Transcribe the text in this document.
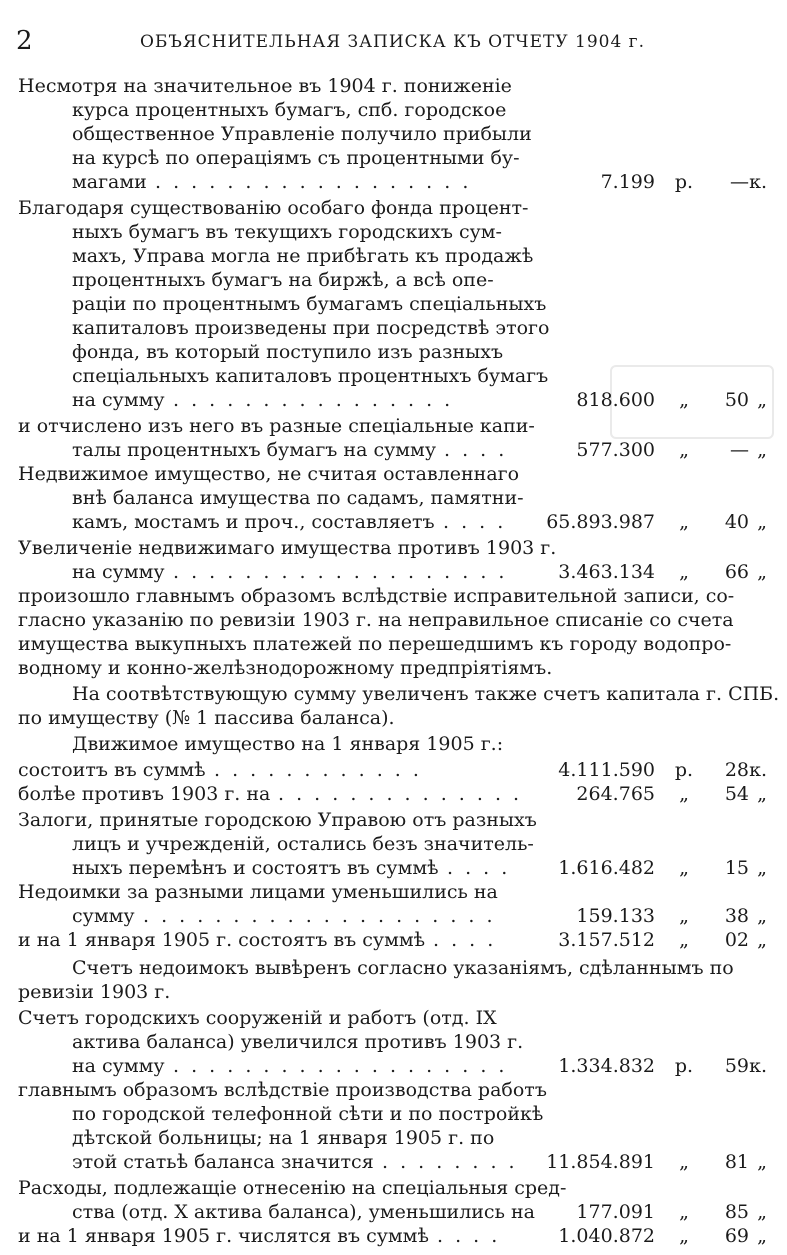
2	ОБЪЯСНИТЕЛЬНАЯ ЗАПИСКА КЪ ОТЧЕТУ 1904 г.
Несмотря на значительное въ 1904 г. пониженіе
курса процентныхъ бумагъ, спб. городское
общественное Управленіе получило прибыли
на курсѣ по операціямъ съ процентными бу-
магами . . . . . . . . . . . . . . . . . .	7.199	р.	— к.
Благодаря существованію особаго фонда процент-
ныхъ бумагъ въ текущихъ городскихъ сум-
махъ, Управа могла не прибѣгать къ продажѣ
процентныхъ бумагъ на биржѣ, а всѣ опе-
раціи по процентнымъ бумагамъ спеціальныхъ
капиталовъ произведены при посредствѣ этого
фонда, въ который поступило изъ разныхъ
спеціальныхъ капиталовъ процентныхъ бумагъ
на сумму . . . . . . . . . . . . . . . .	818.600	„	50 „
и отчислено изъ него въ разные спеціальные капи-
талы процентныхъ бумагъ на сумму . . . .	577.300	„	— „
Недвижимое имущество, не считая оставленнаго
внѣ баланса имущества по садамъ, памятни-
камъ, мостамъ и проч., составляетъ . . . .	65.893.987	„	40 „
Увеличеніе недвижимаго имущества противъ 1903 г.
на сумму . . . . . . . . . . . . . . . . . . .	3.463.134	„	66 „
произошло главнымъ образомъ вслѣдствіе исправительной записи, со-
гласно указанію по ревизіи 1903 г. на неправильное списаніе со счета
имущества выкупныхъ платежей по перешедшимъ къ городу водопро-
водному и конно-желѣзнодорожному предпріятіямъ.
На соотвѣтствующую сумму увеличенъ также счетъ капитала г. СПБ.
по имуществу (№ 1 пассива баланса).
Движимое имущество на 1 января 1905 г.:
состоитъ въ суммѣ . . . . . . . . . . . .	4.111.590	р.	28 к.
болѣе противъ 1903 г. на . . . . . . . . . . . . . .	264.765	„	54 „
Залоги, принятые городскою Управою отъ разныхъ
лицъ и учрежденій, остались безъ значитель-
ныхъ перемѣнъ и состоятъ въ суммѣ . . . .	1.616.482	„	15 „
Недоимки за разными лицами уменьшились на
сумму . . . . . . . . . . . . . . . . . . . .	159.133	„	38 „
и на 1 января 1905 г. состоятъ въ суммѣ . . . .	3.157.512	„	02 „
Счетъ недоимокъ вывѣренъ согласно указаніямъ, сдѣланнымъ по
ревизіи 1903 г.
Счетъ городскихъ сооруженій и работъ (отд. IX
актива баланса) увеличился противъ 1903 г.
на сумму . . . . . . . . . . . . . . . . . . .	1.334.832	р.	59 к.
главнымъ образомъ вслѣдствіе производства работъ
по городской телефонной сѣти и по постройкѣ
дѣтской больницы; на 1 января 1905 г. по
этой статьѣ баланса значится . . . . . . . .	11.854.891	„	81 „
Расходы, подлежащіе отнесенію на спеціальныя сред-
ства (отд. X актива баланса), уменьшились на 177.091	„	85 „
и на 1 января 1905 г. числятся въ суммѣ . . . .	1.040.872	„	69 „
